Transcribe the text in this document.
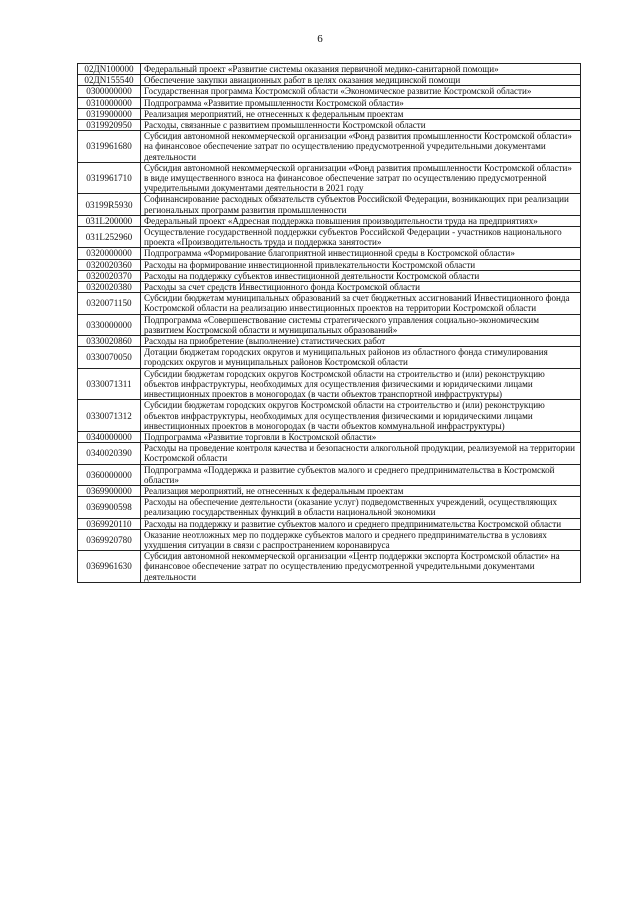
6
02ДN100000	Федеральный проект «Развитие системы оказания первичной медико-санитарной помощи»
02ДN155540	Обеспечение закупки авиационных работ в целях оказания медицинской помощи
0300000000	Государственная программа Костромской области «Экономическое развитие Костромской области»
0310000000	Подпрограмма «Развитие промышленности Костромской области»
0319900000	Реализация мероприятий, не отнесенных к федеральным проектам
0319920950	Расходы, связанные с развитием промышленности Костромской области
0319961680	Субсидия автономной некоммерческой организации «Фонд развития промышленности Костромской области» на финансовое обеспечение затрат по осуществлению предусмотренной учредительными документами деятельности
0319961710	Субсидия автономной некоммерческой организации «Фонд развития промышленности Костромской области» в виде имущественного взноса на финансовое обеспечение затрат по осуществлению предусмотренной учредительными документами деятельности в 2021 году
03199R5930	Софинансирование расходных обязательств субъектов Российской Федерации, возникающих при реализации региональных программ развития промышленности
031L200000	Федеральный проект «Адресная поддержка повышения производительности труда на предприятиях»
031L252960	Осуществление государственной поддержки субъектов Российской Федерации - участников национального проекта «Производительность труда и поддержка занятости»
0320000000	Подпрограмма «Формирование благоприятной инвестиционной среды в Костромской области»
0320020360	Расходы на формирование инвестиционной привлекательности Костромской области
0320020370	Расходы на поддержку субъектов инвестиционной деятельности Костромской области
0320020380	Расходы за счет средств Инвестиционного фонда Костромской области
0320071150	Субсидии бюджетам муниципальных образований за счет бюджетных ассигнований Инвестиционного фонда Костромской области на реализацию инвестиционных проектов на территории Костромской области
0330000000	Подпрограмма «Совершенствование системы стратегического управления социально-экономическим развитием Костромской области и муниципальных образований»
0330020860	Расходы на приобретение (выполнение) статистических работ
0330070050	Дотации бюджетам городских округов и муниципальных районов из областного фонда стимулирования городских округов и муниципальных районов Костромской области
0330071311	Субсидии бюджетам городских округов Костромской области на строительство и (или) реконструкцию объектов инфраструктуры, необходимых для осуществления физическими и юридическими лицами инвестиционных проектов в моногородах (в части объектов транспортной инфраструктуры)
0330071312	Субсидии бюджетам городских округов Костромской области на строительство и (или) реконструкцию объектов инфраструктуры, необходимых для осуществления физическими и юридическими лицами инвестиционных проектов в моногородах (в части объектов коммунальной инфраструктуры)
0340000000	Подпрограмма «Развитие торговли в Костромской области»
0340020390	Расходы на проведение контроля качества и безопасности алкогольной продукции, реализуемой на территории Костромской области
0360000000	Подпрограмма «Поддержка и развитие субъектов малого и среднего предпринимательства в Костромской области»
0369900000	Реализация мероприятий, не отнесенных к федеральным проектам
0369900598	Расходы на обеспечение деятельности (оказание услуг) подведомственных учреждений, осуществляющих реализацию государственных функций в области национальной экономики
0369920110	Расходы на поддержку и развитие субъектов малого и среднего предпринимательства Костромской области
0369920780	Оказание неотложных мер по поддержке субъектов малого и среднего предпринимательства в условиях ухудшения ситуации в связи с распространением коронавируса
0369961630	Субсидия автономной некоммерческой организации «Центр поддержки экспорта Костромской области» на финансовое обеспечение затрат по осуществлению предусмотренной учредительными документами деятельности
